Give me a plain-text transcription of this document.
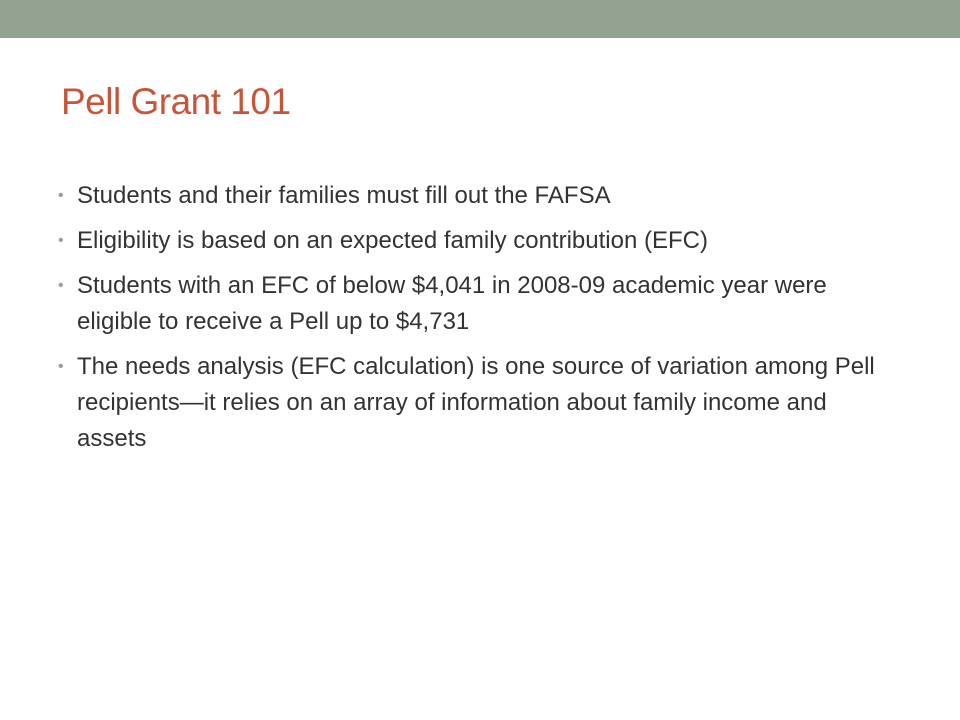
Pell Grant 101
• Students and their families must fill out the FAFSA
• Eligibility is based on an expected family contribution (EFC)
• Students with an EFC of below $4,041 in 2008-09 academic year were eligible to receive a Pell up to $4,731
• The needs analysis (EFC calculation) is one source of variation among Pell recipients—it relies on an array of information about family income and assets
